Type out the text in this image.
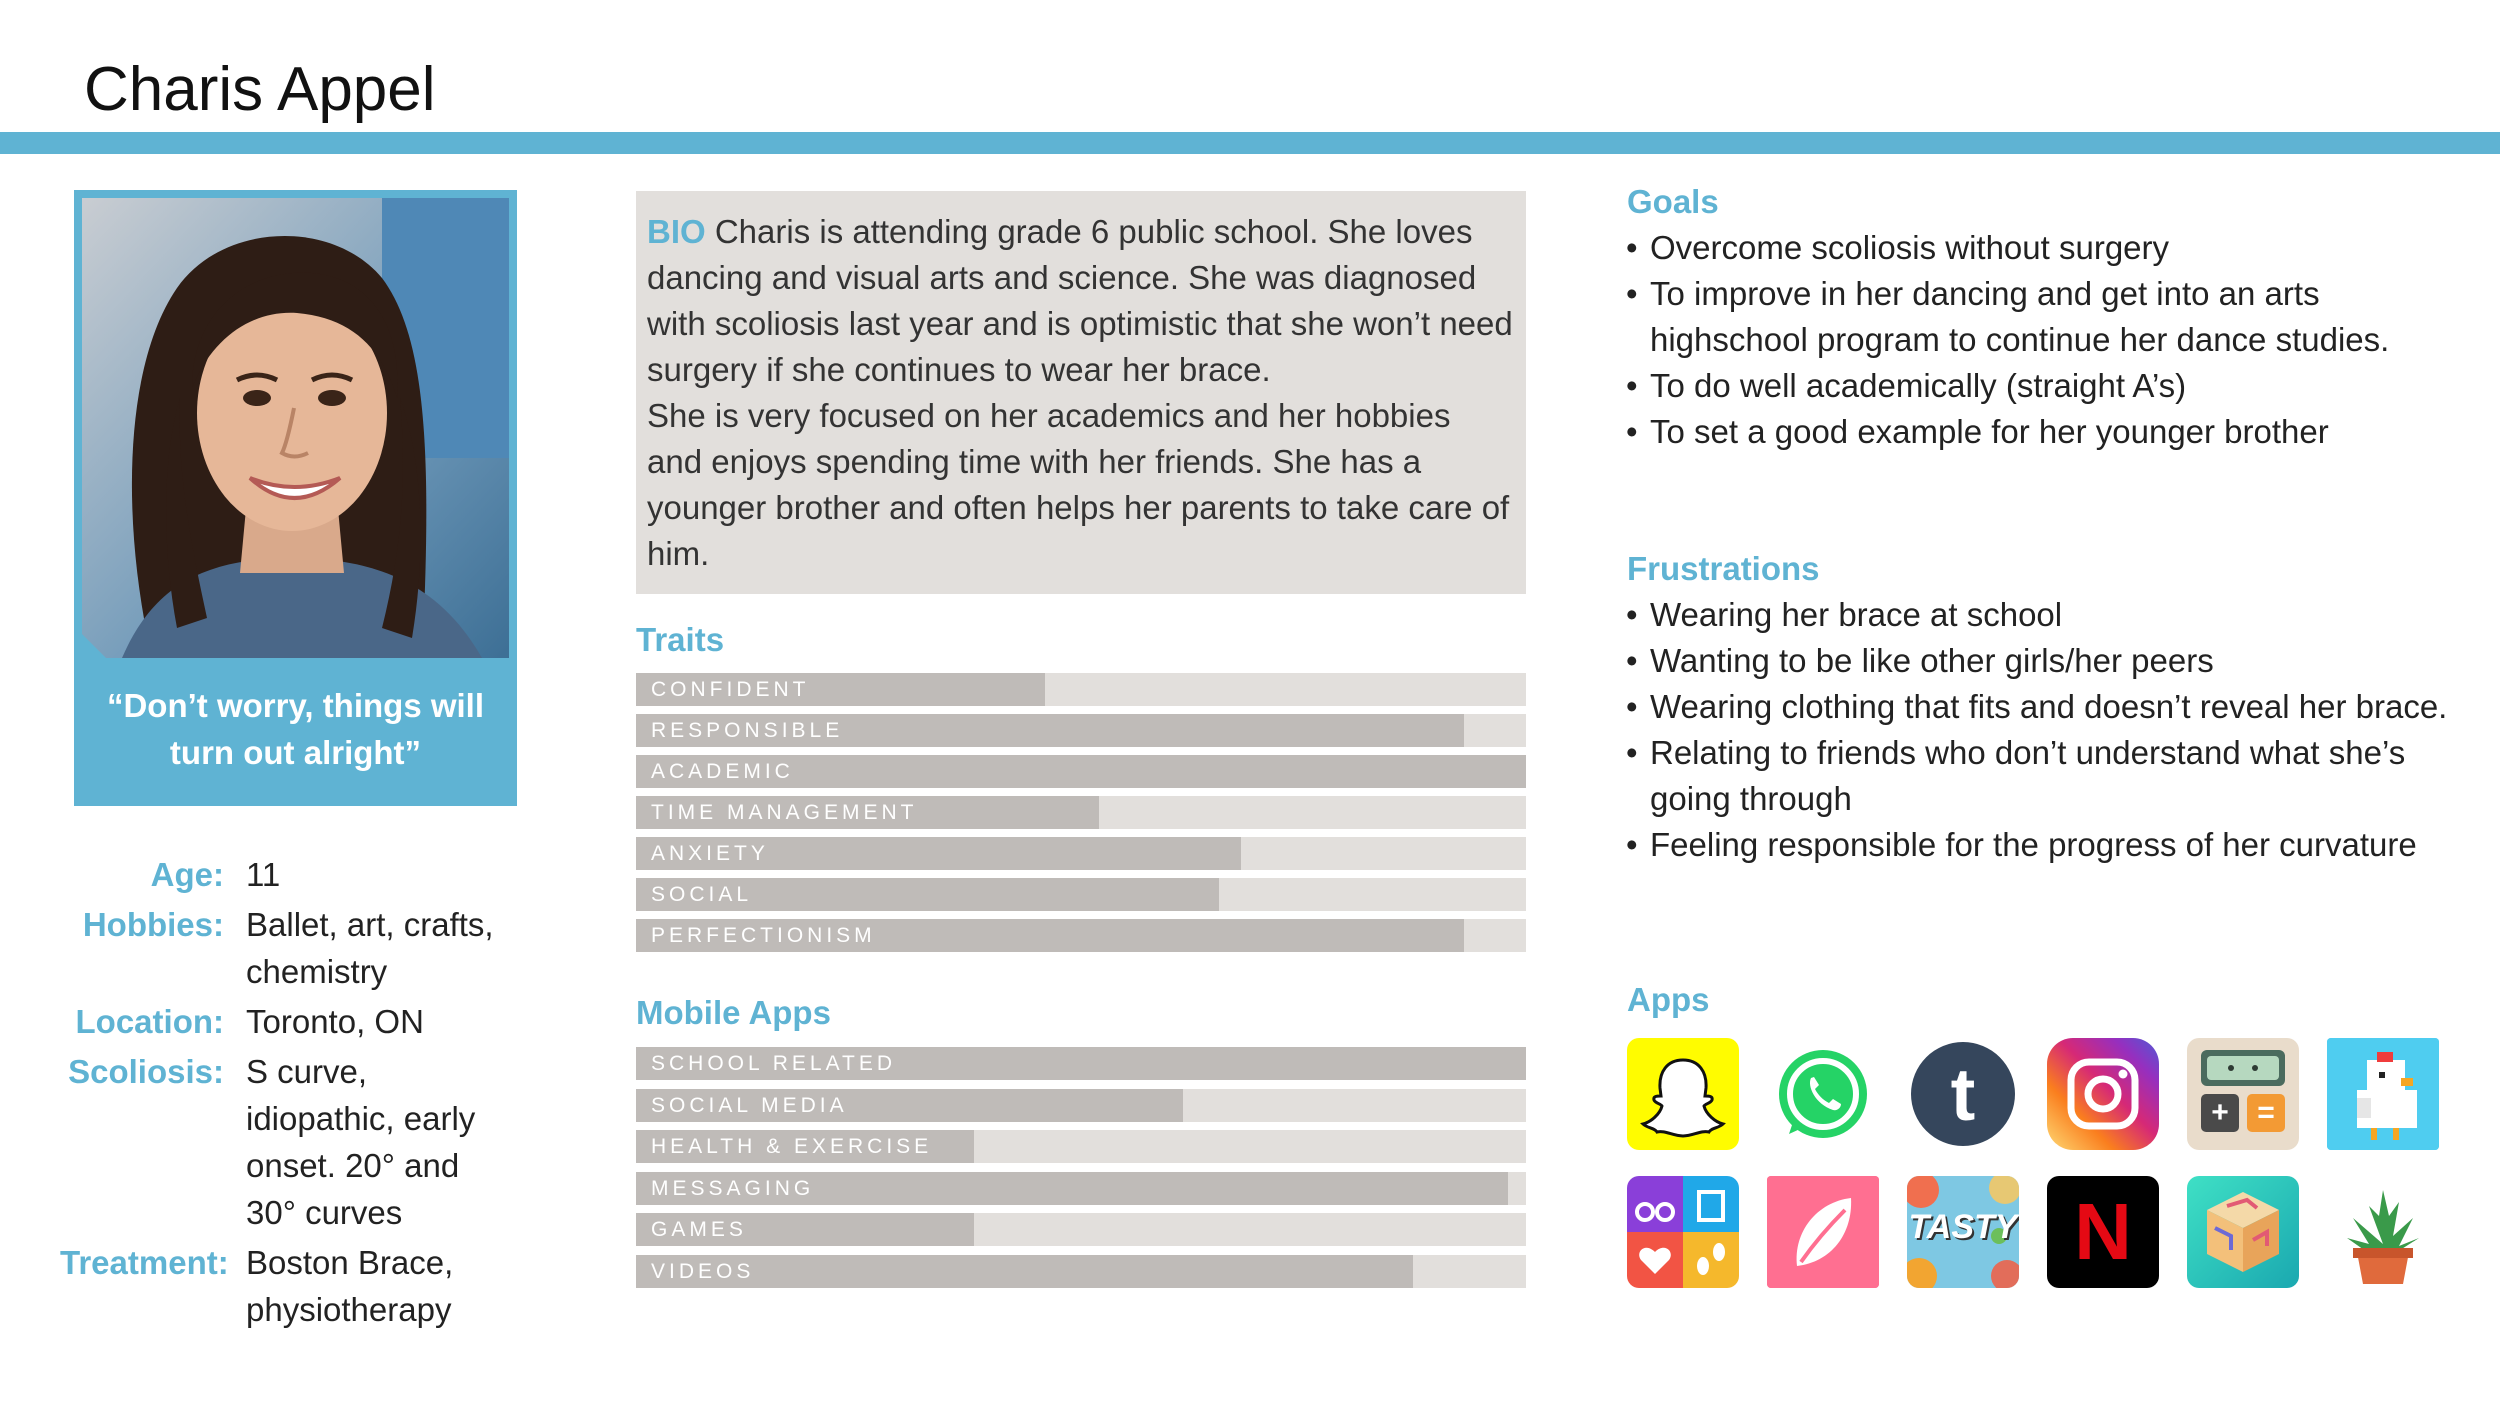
Charis Appel
“Don’t worry, things will turn out alright”
Age: 11
Hobbies: Ballet, art, crafts, chemistry
Location: Toronto, ON
Scoliosis: S curve, idiopathic, early onset. 20° and 30° curves
Treatment: Boston Brace, physiotherapy
BIO Charis is attending grade 6 public school. She loves dancing and visual arts and science. She was diagnosed with scoliosis last year and is optimistic that she won’t need surgery if she continues to wear her brace.
She is very focused on her academics and her hobbies and enjoys spending time with her friends. She has a younger brother and often helps her parents to take care of him.
Traits
CONFIDENT
RESPONSIBLE
ACADEMIC
TIME MANAGEMENT
ANXIETY
SOCIAL
PERFECTIONISM
Mobile Apps
SCHOOL RELATED
SOCIAL MEDIA
HEALTH & EXERCISE
MESSAGING
GAMES
VIDEOS
Goals
• Overcome scoliosis without surgery
• To improve in her dancing and get into an arts highschool program to continue her dance studies.
• To do well academically (straight A’s)
• To set a good example for her younger brother
Frustrations
• Wearing her brace at school
• Wanting to be like other girls/her peers
• Wearing clothing that fits and doesn’t reveal her brace.
• Relating to friends who don’t understand what she’s going through
• Feeling responsible for the progress of her curvature
Apps
t	+ =
TASTY N
